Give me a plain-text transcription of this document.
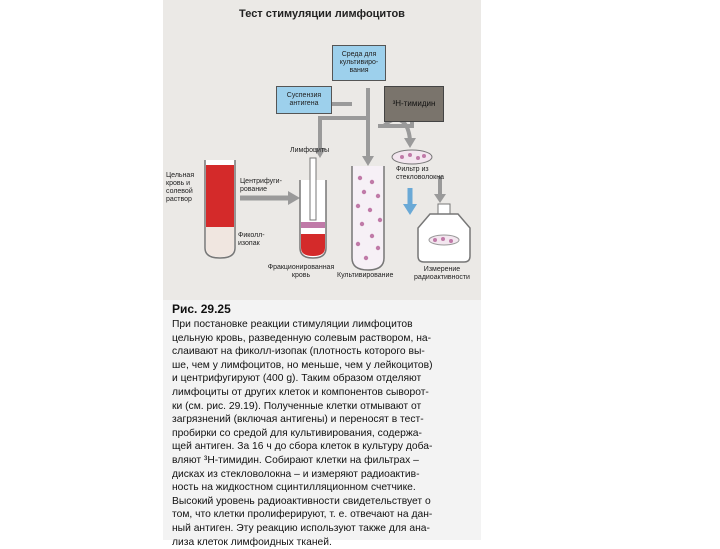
Тест стимуляции лимфоцитов
Среда для культивиро-вания
Суспензия антигена	³H-тимидин
Лимфоциты
Цельная кровь и солевой раствор
Центрифуги-рование
Фиколл-изопак
Фракционированная кровь	Культивирование
Фильтр из стекловолокна
Измерение радиоактивности
Рис. 29.25
При постановке реакции стимуляции лимфоцитов
цельную кровь, разведенную солевым раствором, на-
слаивают на фиколл-изопак (плотность которого вы-
ше, чем у лимфоцитов, но меньше, чем у лейкоцитов)
и центрифугируют (400 g). Таким образом отделяют
лимфоциты от других клеток и компонентов сыворот-
ки (см. рис. 29.19). Полученные клетки отмывают от
загрязнений (включая антигены) и переносят в тест-
пробирки со средой для культивирования, содержа-
щей антиген. За 16 ч до сбора клеток в культуру доба-
вляют ³H-тимидин. Собирают клетки на фильтрах –
дисках из стекловолокна – и измеряют радиоактив-
ность на жидкостном сцинтилляционном счетчике.
Высокий уровень радиоактивности свидетельствует о
том, что клетки пролиферируют, т. е. отвечают на дан-
ный антиген. Эту реакцию используют также для ана-
лиза клеток лимфоидных тканей.
